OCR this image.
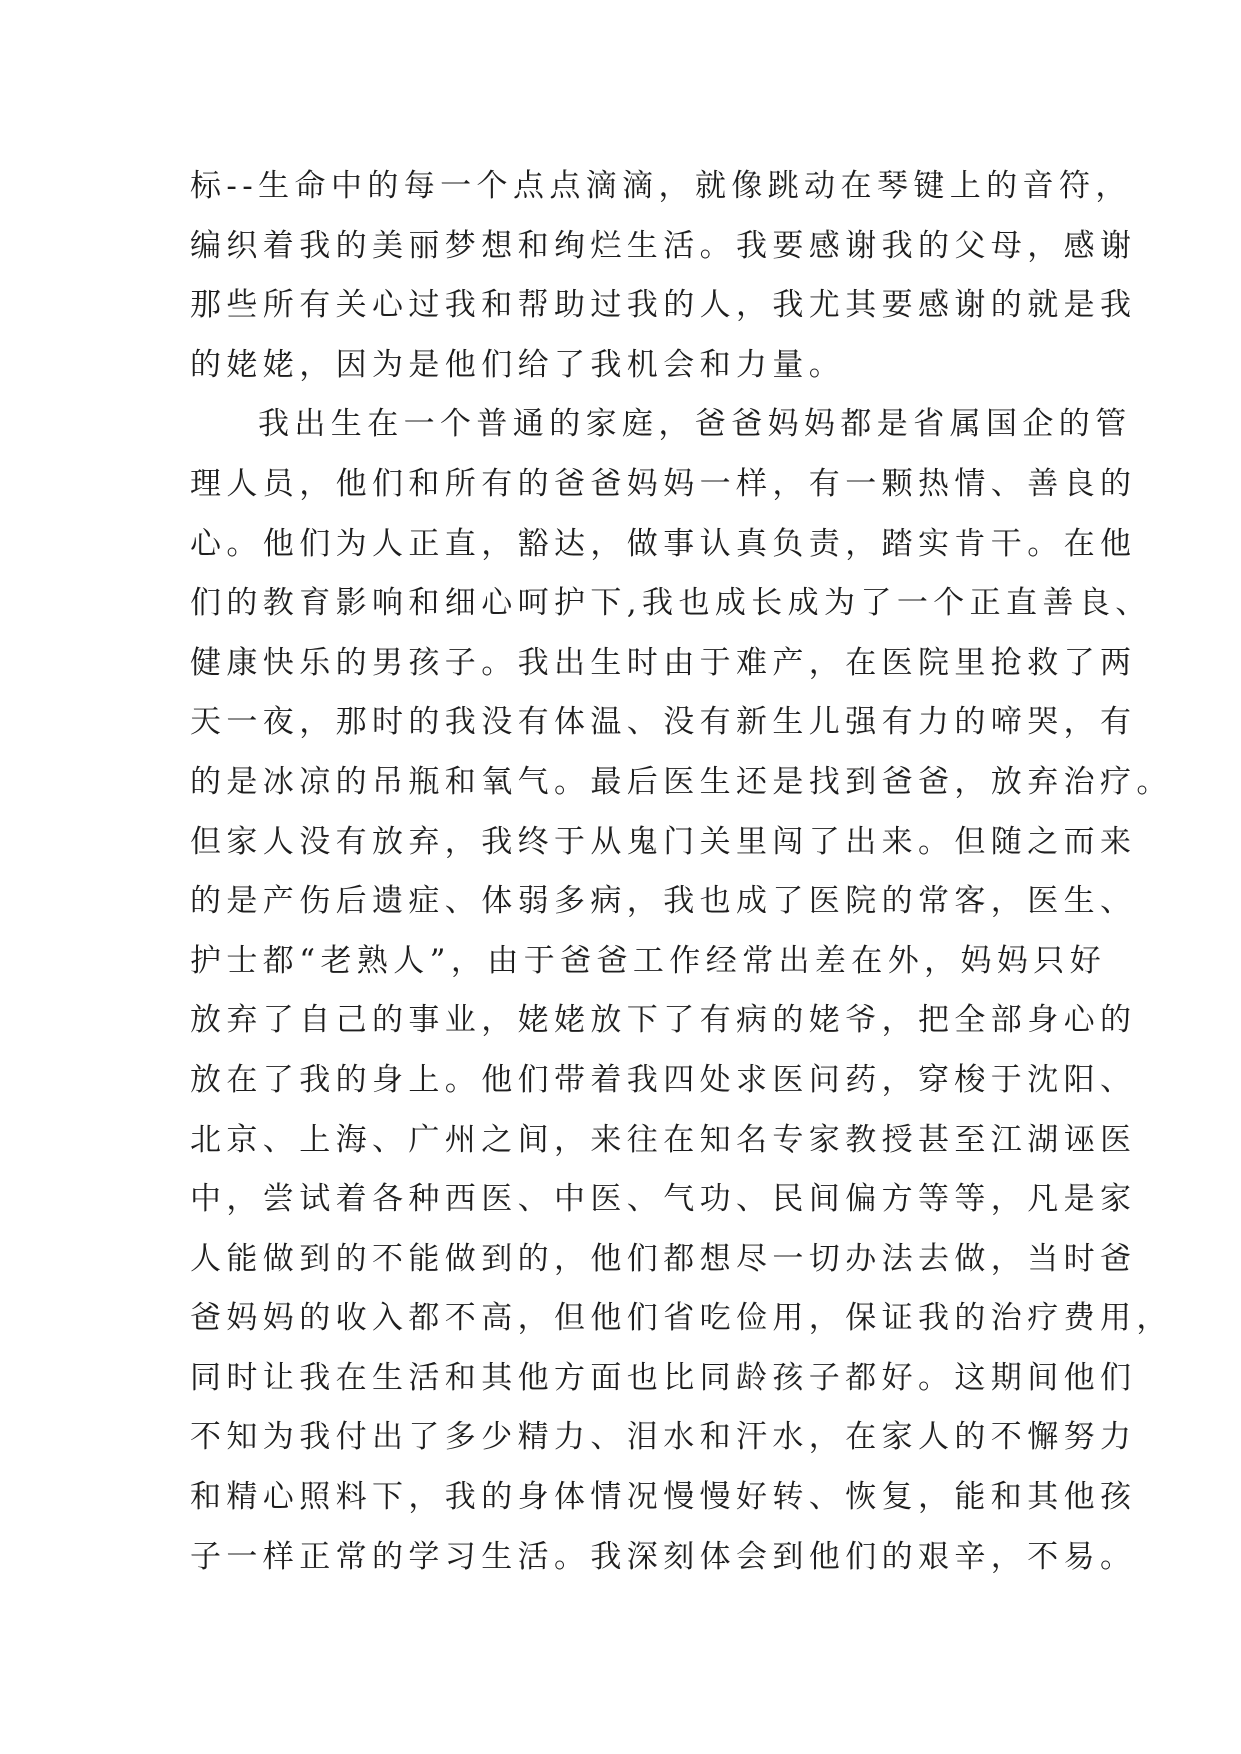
标--生命中的每一个点点滴滴，就像跳动在琴键上的音符，
编织着我的美丽梦想和绚烂生活。我要感谢我的父母，感谢
那些所有关心过我和帮助过我的人，我尤其要感谢的就是我
的姥姥，因为是他们给了我机会和力量。
我出生在一个普通的家庭，爸爸妈妈都是省属国企的管
理人员，他们和所有的爸爸妈妈一样，有一颗热情、善良的
心。他们为人正直，豁达，做事认真负责，踏实肯干。在他
们的教育影响和细心呵护下,我也成长成为了一个正直善良、
健康快乐的男孩子。我出生时由于难产，在医院里抢救了两
天一夜，那时的我没有体温、没有新生儿强有力的啼哭，有
的是冰凉的吊瓶和氧气。最后医生还是找到爸爸，放弃治疗。
但家人没有放弃，我终于从鬼门关里闯了出来。但随之而来
的是产伤后遗症、体弱多病，我也成了医院的常客，医生、
护士都“老熟人”，由于爸爸工作经常出差在外，妈妈只好
放弃了自己的事业，姥姥放下了有病的姥爷，把全部身心的
放在了我的身上。他们带着我四处求医问药，穿梭于沈阳、
北京、上海、广州之间，来往在知名专家教授甚至江湖诬医
中，尝试着各种西医、中医、气功、民间偏方等等，凡是家
人能做到的不能做到的，他们都想尽一切办法去做，当时爸
爸妈妈的收入都不高，但他们省吃俭用，保证我的治疗费用，
同时让我在生活和其他方面也比同龄孩子都好。这期间他们
不知为我付出了多少精力、泪水和汗水，在家人的不懈努力
和精心照料下，我的身体情况慢慢好转、恢复，能和其他孩
子一样正常的学习生活。我深刻体会到他们的艰辛，不易。
